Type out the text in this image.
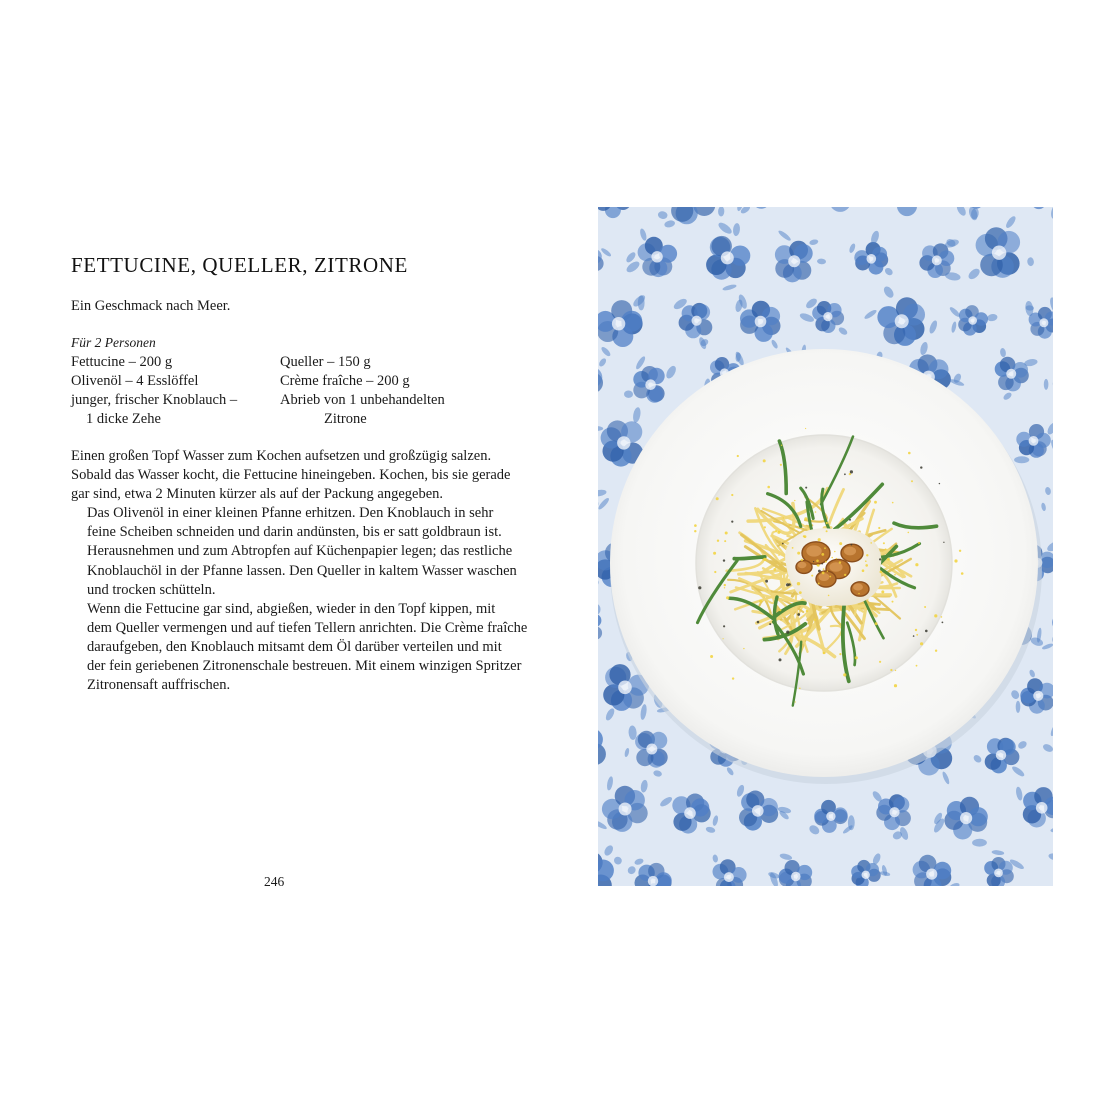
FETTUCINE, QUELLER, ZITRONE

Ein Geschmack nach Meer.

Für 2 Personen

Fettucine – 200 g
Olivenöl – 4 Esslöffel
junger, frischer Knoblauch –
1 dicke Zehe
Queller – 150 g
Crème fraîche – 200 g
Abrieb von 1 unbehandelten
Zitrone

Einen großen Topf Wasser zum Kochen aufsetzen und großzügig salzen.
Sobald das Wasser kocht, die Fettucine hineingeben. Kochen, bis sie gerade
gar sind, etwa 2 Minuten kürzer als auf der Packung angegeben.

Das Olivenöl in einer kleinen Pfanne erhitzen. Den Knoblauch in sehr
feine Scheiben schneiden und darin andünsten, bis er satt goldbraun ist.
Herausnehmen und zum Abtropfen auf Küchenpapier legen; das restliche
Knoblauchöl in der Pfanne lassen. Den Queller in kaltem Wasser waschen
und trocken schütteln.

Wenn die Fettucine gar sind, abgießen, wieder in den Topf kippen, mit
dem Queller vermengen und auf tiefen Tellern anrichten. Die Crème fraîche
daraufgeben, den Knoblauch mitsamt dem Öl darüber verteilen und mit
der fein geriebenen Zitronenschale bestreuen. Mit einem winzigen Spritzer
Zitronensaft auffrischen.

246
